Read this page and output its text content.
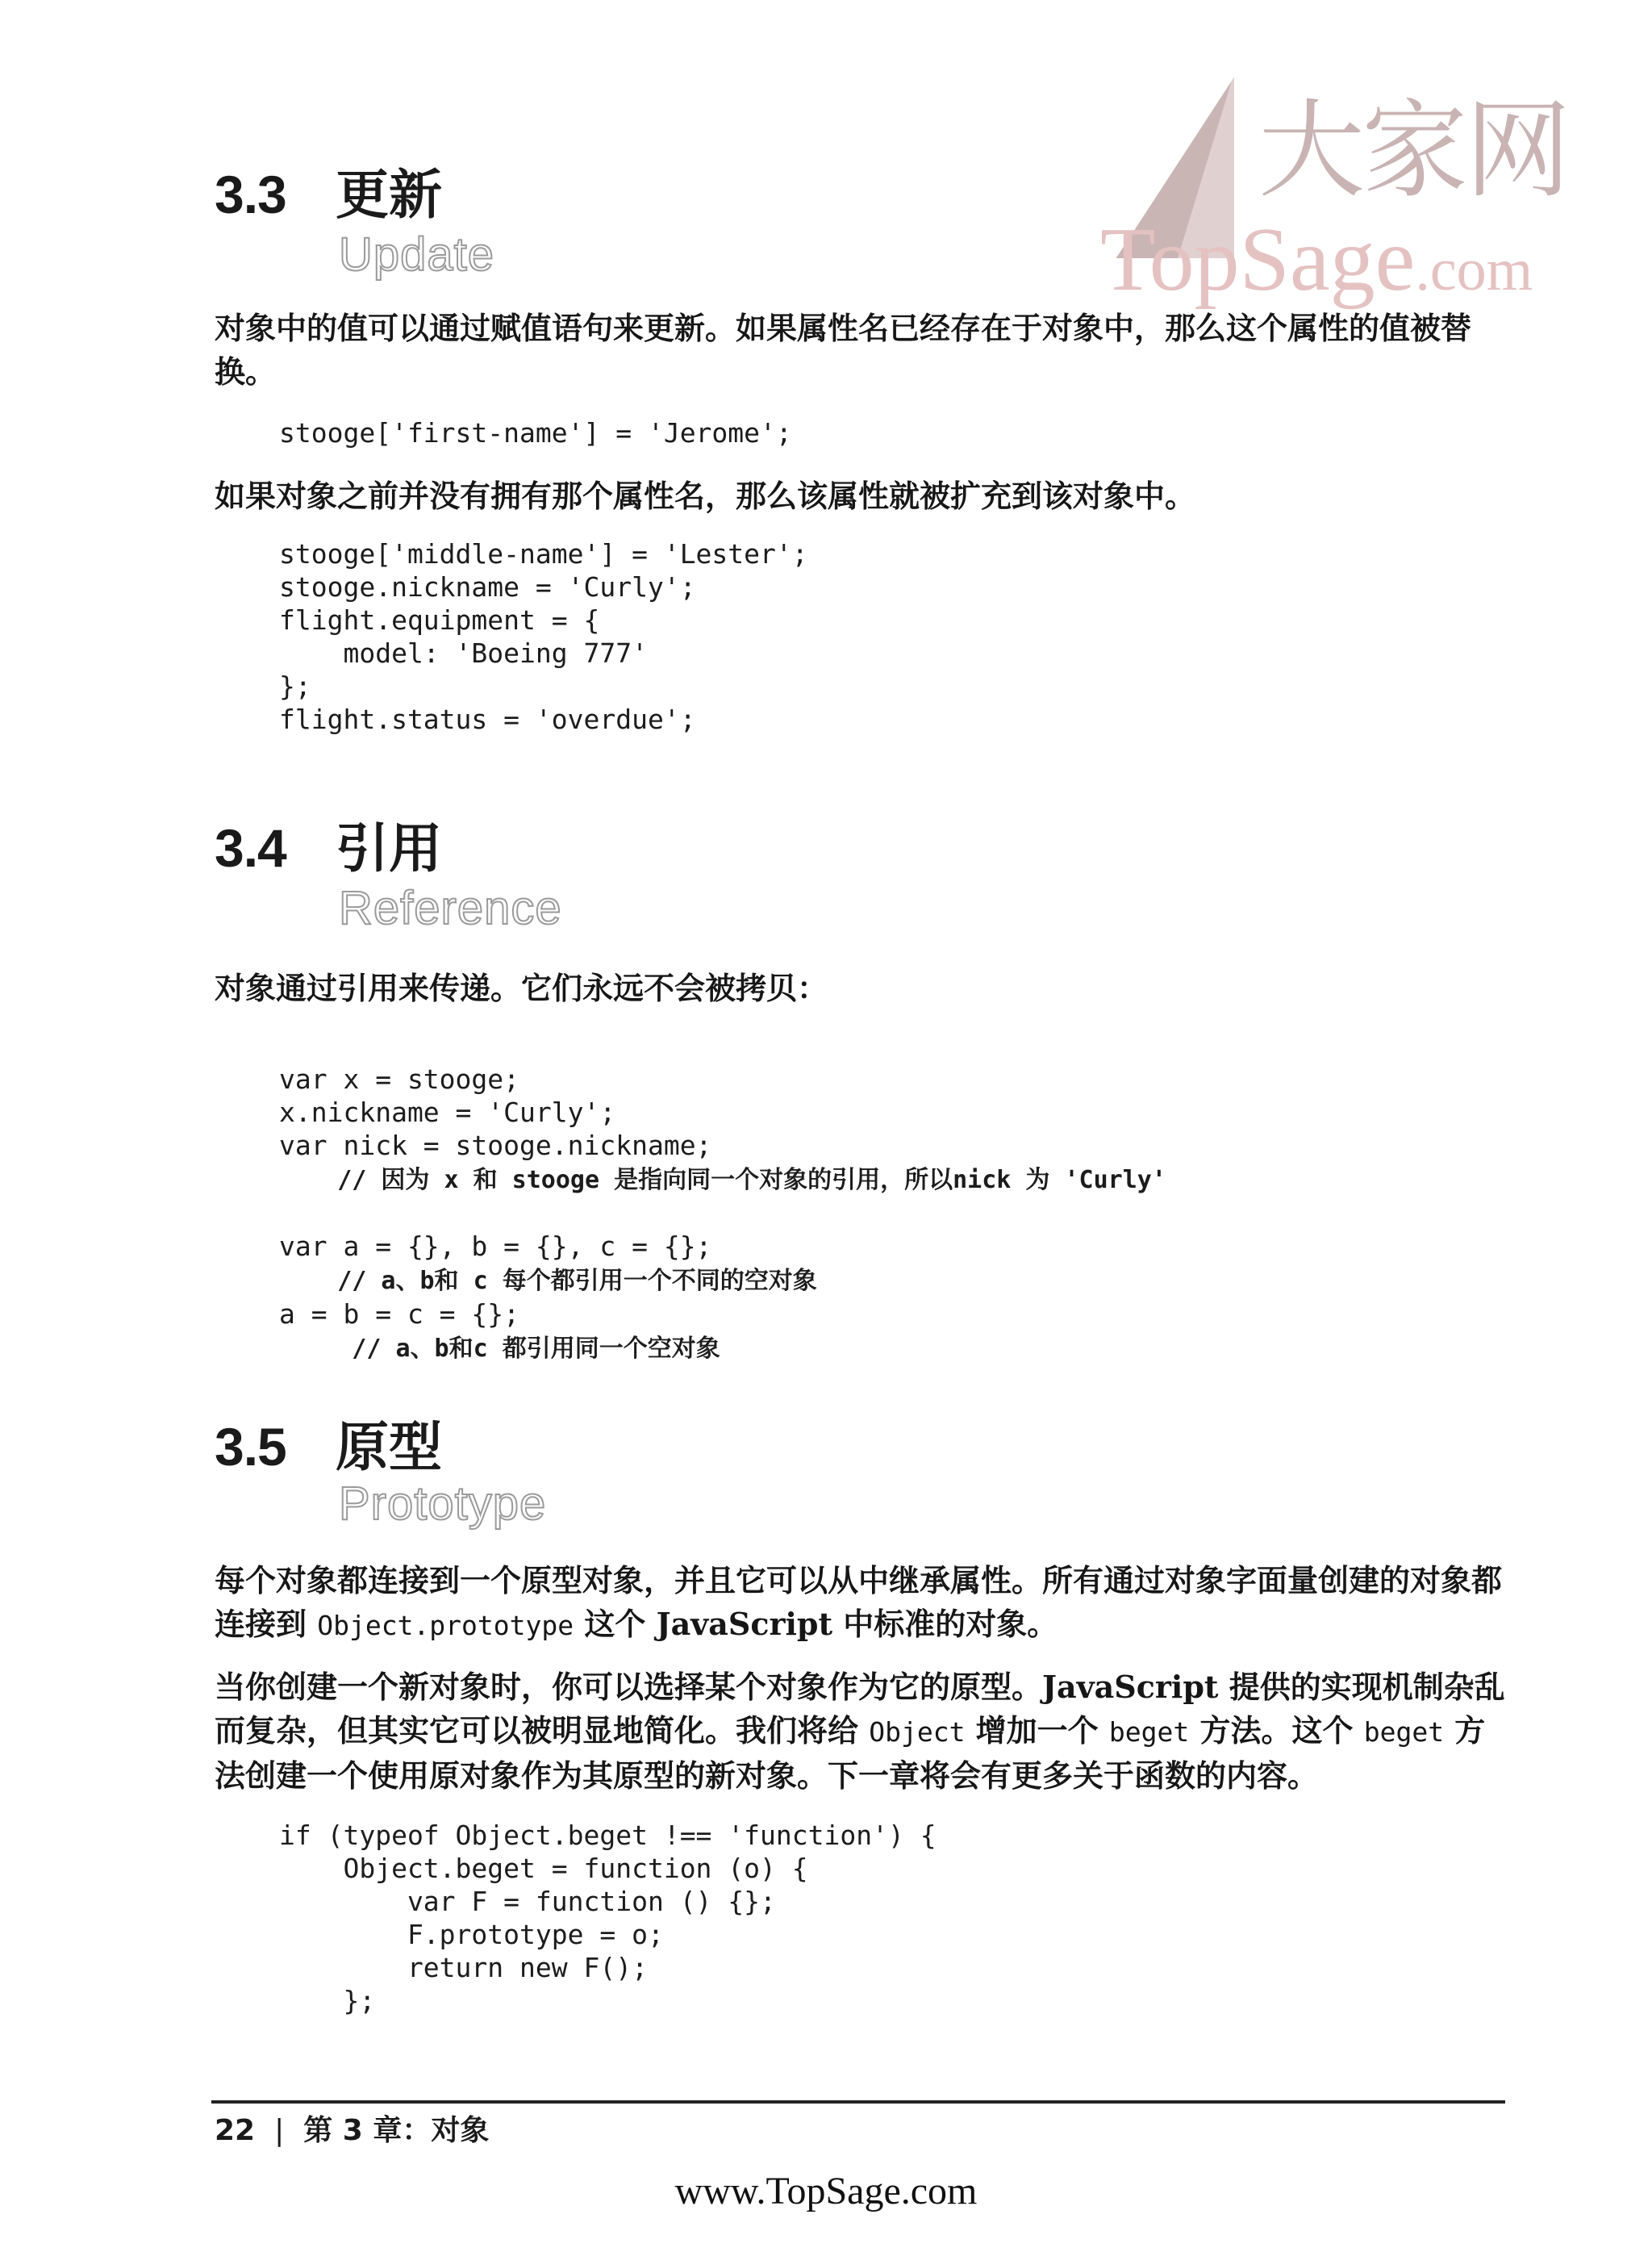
大家网
TopSage.com
3.3 更新
Update
对象中的值可以通过赋值语句来更新。如果属性名已经存在于对象中，那么这个属性的值被替换。
stooge['first-name'] = 'Jerome';
如果对象之前并没有拥有那个属性名，那么该属性就被扩充到该对象中。
stooge['middle-name'] = 'Lester';
stooge.nickname = 'Curly';
flight.equipment = {
model: 'Boeing 777'
};
flight.status = 'overdue';
3.4 引用
Reference
对象通过引用来传递。它们永远不会被拷贝：

var x = stooge;
x.nickname = 'Curly';
var nick = stooge.nickname;
// 因为 x 和 stooge 是指向同一个对象的引用，所以nick 为 'Curly'

var a = {}, b = {}, c = {};
// a、b和 c 每个都引用一个不同的空对象
a = b = c = {};
// a、b和c 都引用同一个空对象
3.5 原型
Prototype
每个对象都连接到一个原型对象，并且它可以从中继承属性。所有通过对象字面量创建的对象都连接到 Object.prototype 这个 JavaScript 中标准的对象。
当你创建一个新对象时，你可以选择某个对象作为它的原型。JavaScript 提供的实现机制杂乱而复杂，但其实它可以被明显地简化。我们将给 Object 增加一个 beget 方法。这个 beget 方法创建一个使用原对象作为其原型的新对象。下一章将会有更多关于函数的内容。
if (typeof Object.beget !== 'function') {
Object.beget = function (o) {
var F = function () {};
F.prototype = o;
return new F();
};
22 | 第 3 章：对象
www.TopSage.com
